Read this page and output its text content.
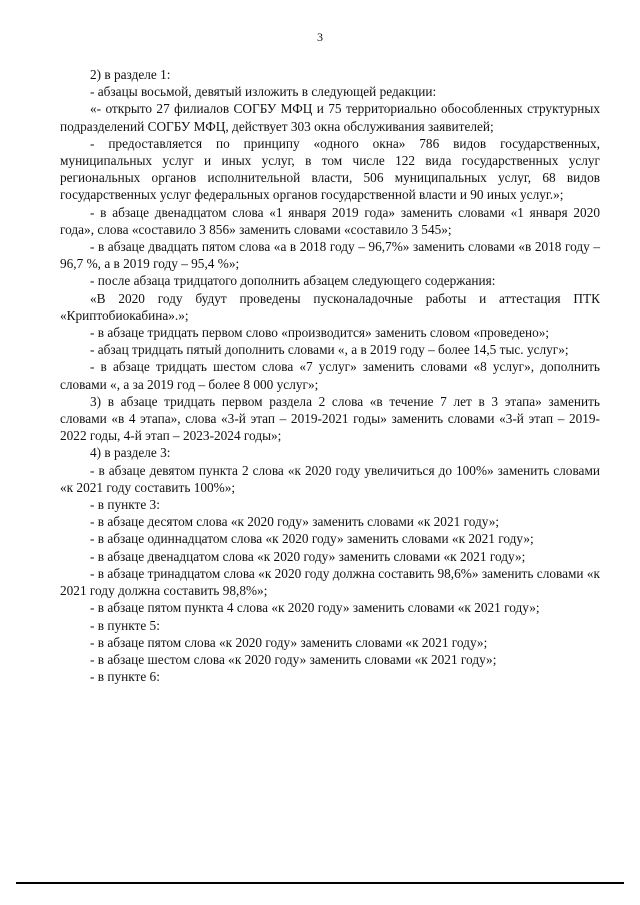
3

2) в разделе 1:

- абзацы восьмой, девятый изложить в следующей редакции:

«- открыто 27 филиалов СОГБУ МФЦ и 75 территориально обособленных структурных подразделений СОГБУ МФЦ, действует 303 окна обслуживания заявителей;

- предоставляется по принципу «одного окна» 786 видов государственных, муниципальных услуг и иных услуг, в том числе 122 вида государственных услуг региональных органов исполнительной власти, 506 муниципальных услуг, 68 видов государственных услуг федеральных органов государственной власти и 90 иных услуг.»;

- в абзаце двенадцатом слова «1 января 2019 года» заменить словами «1 января 2020 года», слова «составило 3 856» заменить словами «составило 3 545»;

- в абзаце двадцать пятом слова «а в 2018 году – 96,7%» заменить словами «в 2018 году – 96,7 %, а в 2019 году – 95,4 %»;

- после абзаца тридцатого дополнить абзацем следующего содержания:

«В 2020 году будут проведены пусконаладочные работы и аттестация ПТК «Криптобиокабина».»;

- в абзаце тридцать первом слово «производится» заменить словом «проведено»;

- абзац тридцать пятый дополнить словами «, а в 2019 году – более 14,5 тыс. услуг»;

- в абзаце тридцать шестом слова «7 услуг» заменить словами «8 услуг», дополнить словами «, а за 2019 год – более 8 000 услуг»;

3) в абзаце тридцать первом раздела 2 слова «в течение 7 лет в 3 этапа» заменить словами «в 4 этапа», слова «3-й этап – 2019-2021 годы» заменить словами «3-й этап – 2019-2022 годы, 4-й этап – 2023-2024 годы»;

4) в разделе 3:

- в абзаце девятом пункта 2 слова «к 2020 году увеличиться до 100%» заменить словами «к 2021 году составить 100%»;

- в пункте 3:

- в абзаце десятом слова «к 2020 году» заменить словами «к 2021 году»;

- в абзаце одиннадцатом слова «к 2020 году» заменить словами «к 2021 году»;

- в абзаце двенадцатом слова «к 2020 году» заменить словами «к 2021 году»;

- в абзаце тринадцатом слова «к 2020 году должна составить 98,6%» заменить словами «к 2021 году должна составить 98,8%»;

- в абзаце пятом пункта 4 слова «к 2020 году» заменить словами «к 2021 году»;

- в пункте 5:

- в абзаце пятом слова «к 2020 году» заменить словами «к 2021 году»;

- в абзаце шестом слова «к 2020 году» заменить словами «к 2021 году»;

- в пункте 6:
